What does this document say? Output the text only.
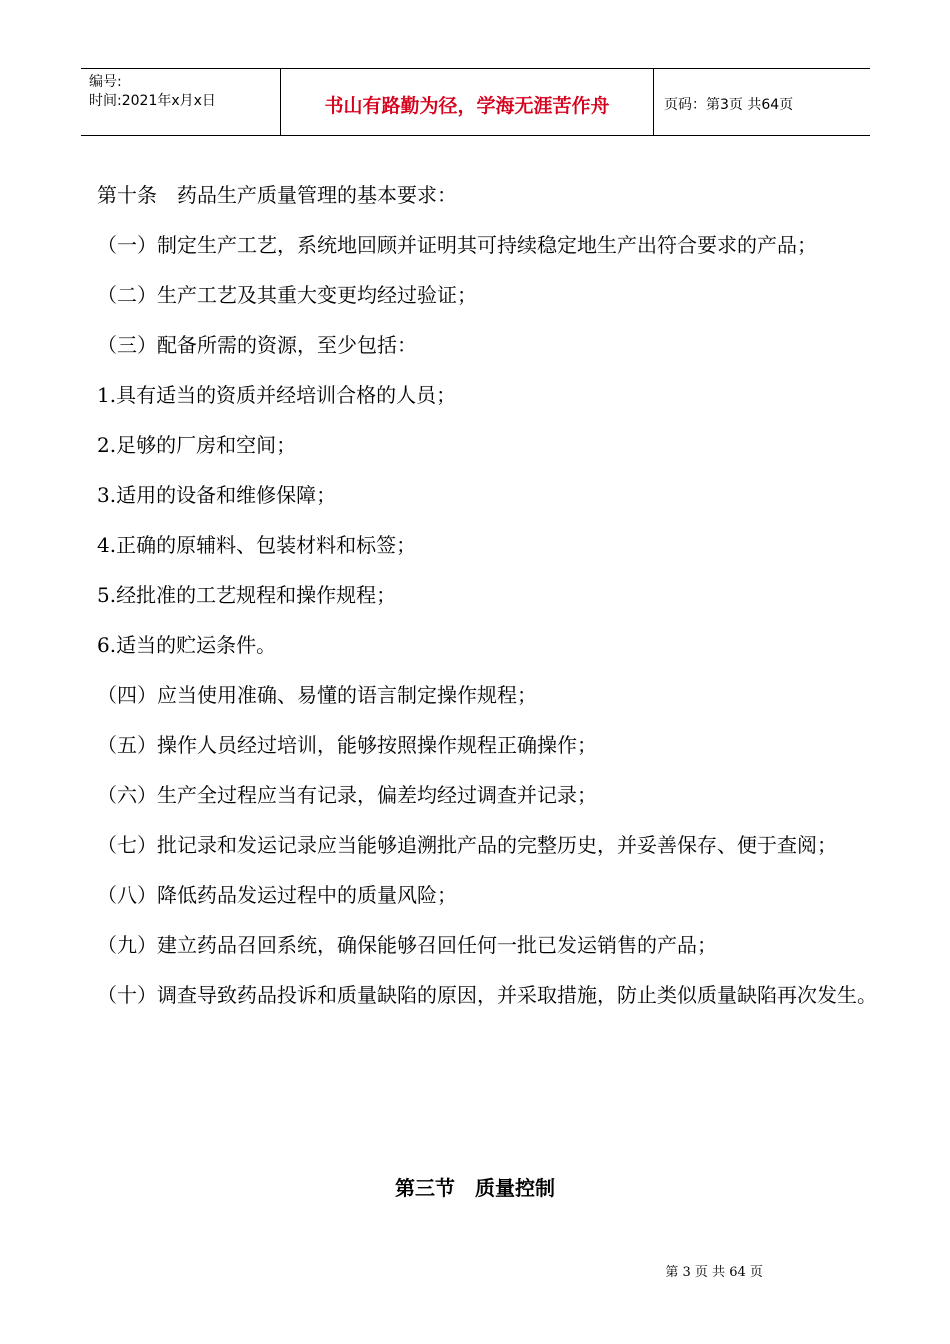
编号:
时间:2021年x月x日	书山有路勤为径，学海无涯苦作舟	页码：第3页 共64页

第十条　药品生产质量管理的基本要求：

（一）制定生产工艺，系统地回顾并证明其可持续稳定地生产出符合要求的产品；

（二）生产工艺及其重大变更均经过验证；

（三）配备所需的资源，至少包括：

1.具有适当的资质并经培训合格的人员；

2.足够的厂房和空间；

3.适用的设备和维修保障；

4.正确的原辅料、包装材料和标签；

5.经批准的工艺规程和操作规程；

6.适当的贮运条件。

（四）应当使用准确、易懂的语言制定操作规程；

（五）操作人员经过培训，能够按照操作规程正确操作；

（六）生产全过程应当有记录，偏差均经过调查并记录；

（七）批记录和发运记录应当能够追溯批产品的完整历史，并妥善保存、便于查阅；

（八）降低药品发运过程中的质量风险；

（九）建立药品召回系统，确保能够召回任何一批已发运销售的产品；

（十）调查导致药品投诉和质量缺陷的原因，并采取措施，防止类似质量缺陷再次发生。

第三节　质量控制

第 3 页 共 64 页
